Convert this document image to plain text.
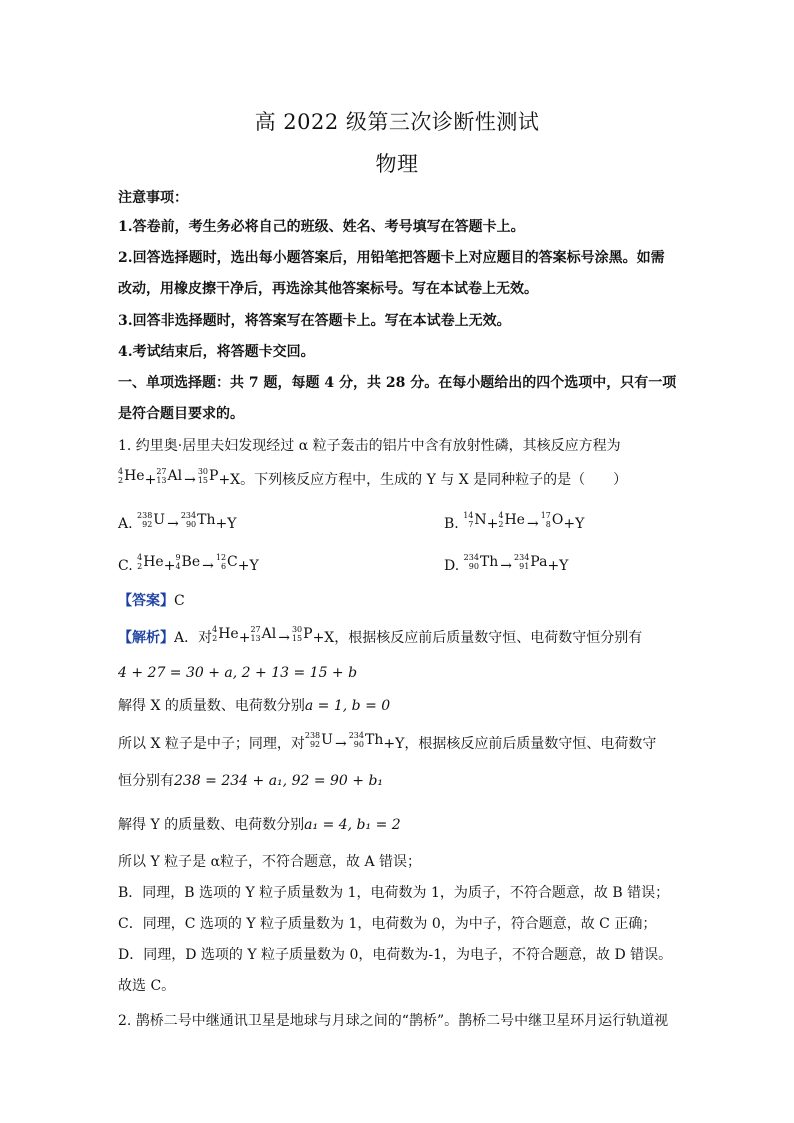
高 2022 级第三次诊断性测试
物理
注意事项：
1.答卷前，考生务必将自己的班级、姓名、考号填写在答题卡上。
2.回答选择题时，选出每小题答案后，用铅笔把答题卡上对应题目的答案标号涂黑。如需
改动，用橡皮擦干净后，再选涂其他答案标号。写在本试卷上无效。
3.回答非选择题时，将答案写在答题卡上。写在本试卷上无效。
4.考试结束后，将答题卡交回。
一、单项选择题：共 7 题，每题 4 分，共 28 分。在每小题给出的四个选项中，只有一项
是符合题目要求的。
1. 约里奥·居里夫妇发现经过 α 粒子轰击的铝片中含有放射性磷，其核反应方程为
4
2 He+
27
13 Al →
30
15 P+X。下列核反应方程中，生成的 Y 与 X 是同种粒子的是（　　）
A.
238
92 U →
234
90 Th+Y	B.
14
7 N+
4
2 He →
17
8 O+Y
C.
4
2 He+
9
4 Be →
12
6 C+Y	D.
234
90 Th →
234
91 Pa+Y
【答案】C
【解析】A．对
4
2 He+
27
13 Al →
30
15 P+X，根据核反应前后质量数守恒、电荷数守恒分别有
4 + 27 = 30 + a, 2 + 13 = 15 + b
解得 X 的质量数、电荷数分别a = 1, b = 0
所以 X 粒子是中子；同理，对
238
92 U →
234
90 Th+Y，根据核反应前后质量数守恒、电荷数守
恒分别有238 = 234 + a₁, 92 = 90 + b₁
解得 Y 的质量数、电荷数分别a₁ = 4, b₁ = 2
所以 Y 粒子是 α粒子，不符合题意，故 A 错误；
B．同理，B 选项的 Y 粒子质量数为 1，电荷数为 1，为质子，不符合题意，故 B 错误；
C．同理，C 选项的 Y 粒子质量数为 1，电荷数为 0，为中子，符合题意，故 C 正确；
D．同理，D 选项的 Y 粒子质量数为 0，电荷数为-1，为电子，不符合题意，故 D 错误。
故选 C。
2. 鹊桥二号中继通讯卫星是地球与月球之间的“鹊桥”。鹊桥二号中继卫星环月运行轨道视
